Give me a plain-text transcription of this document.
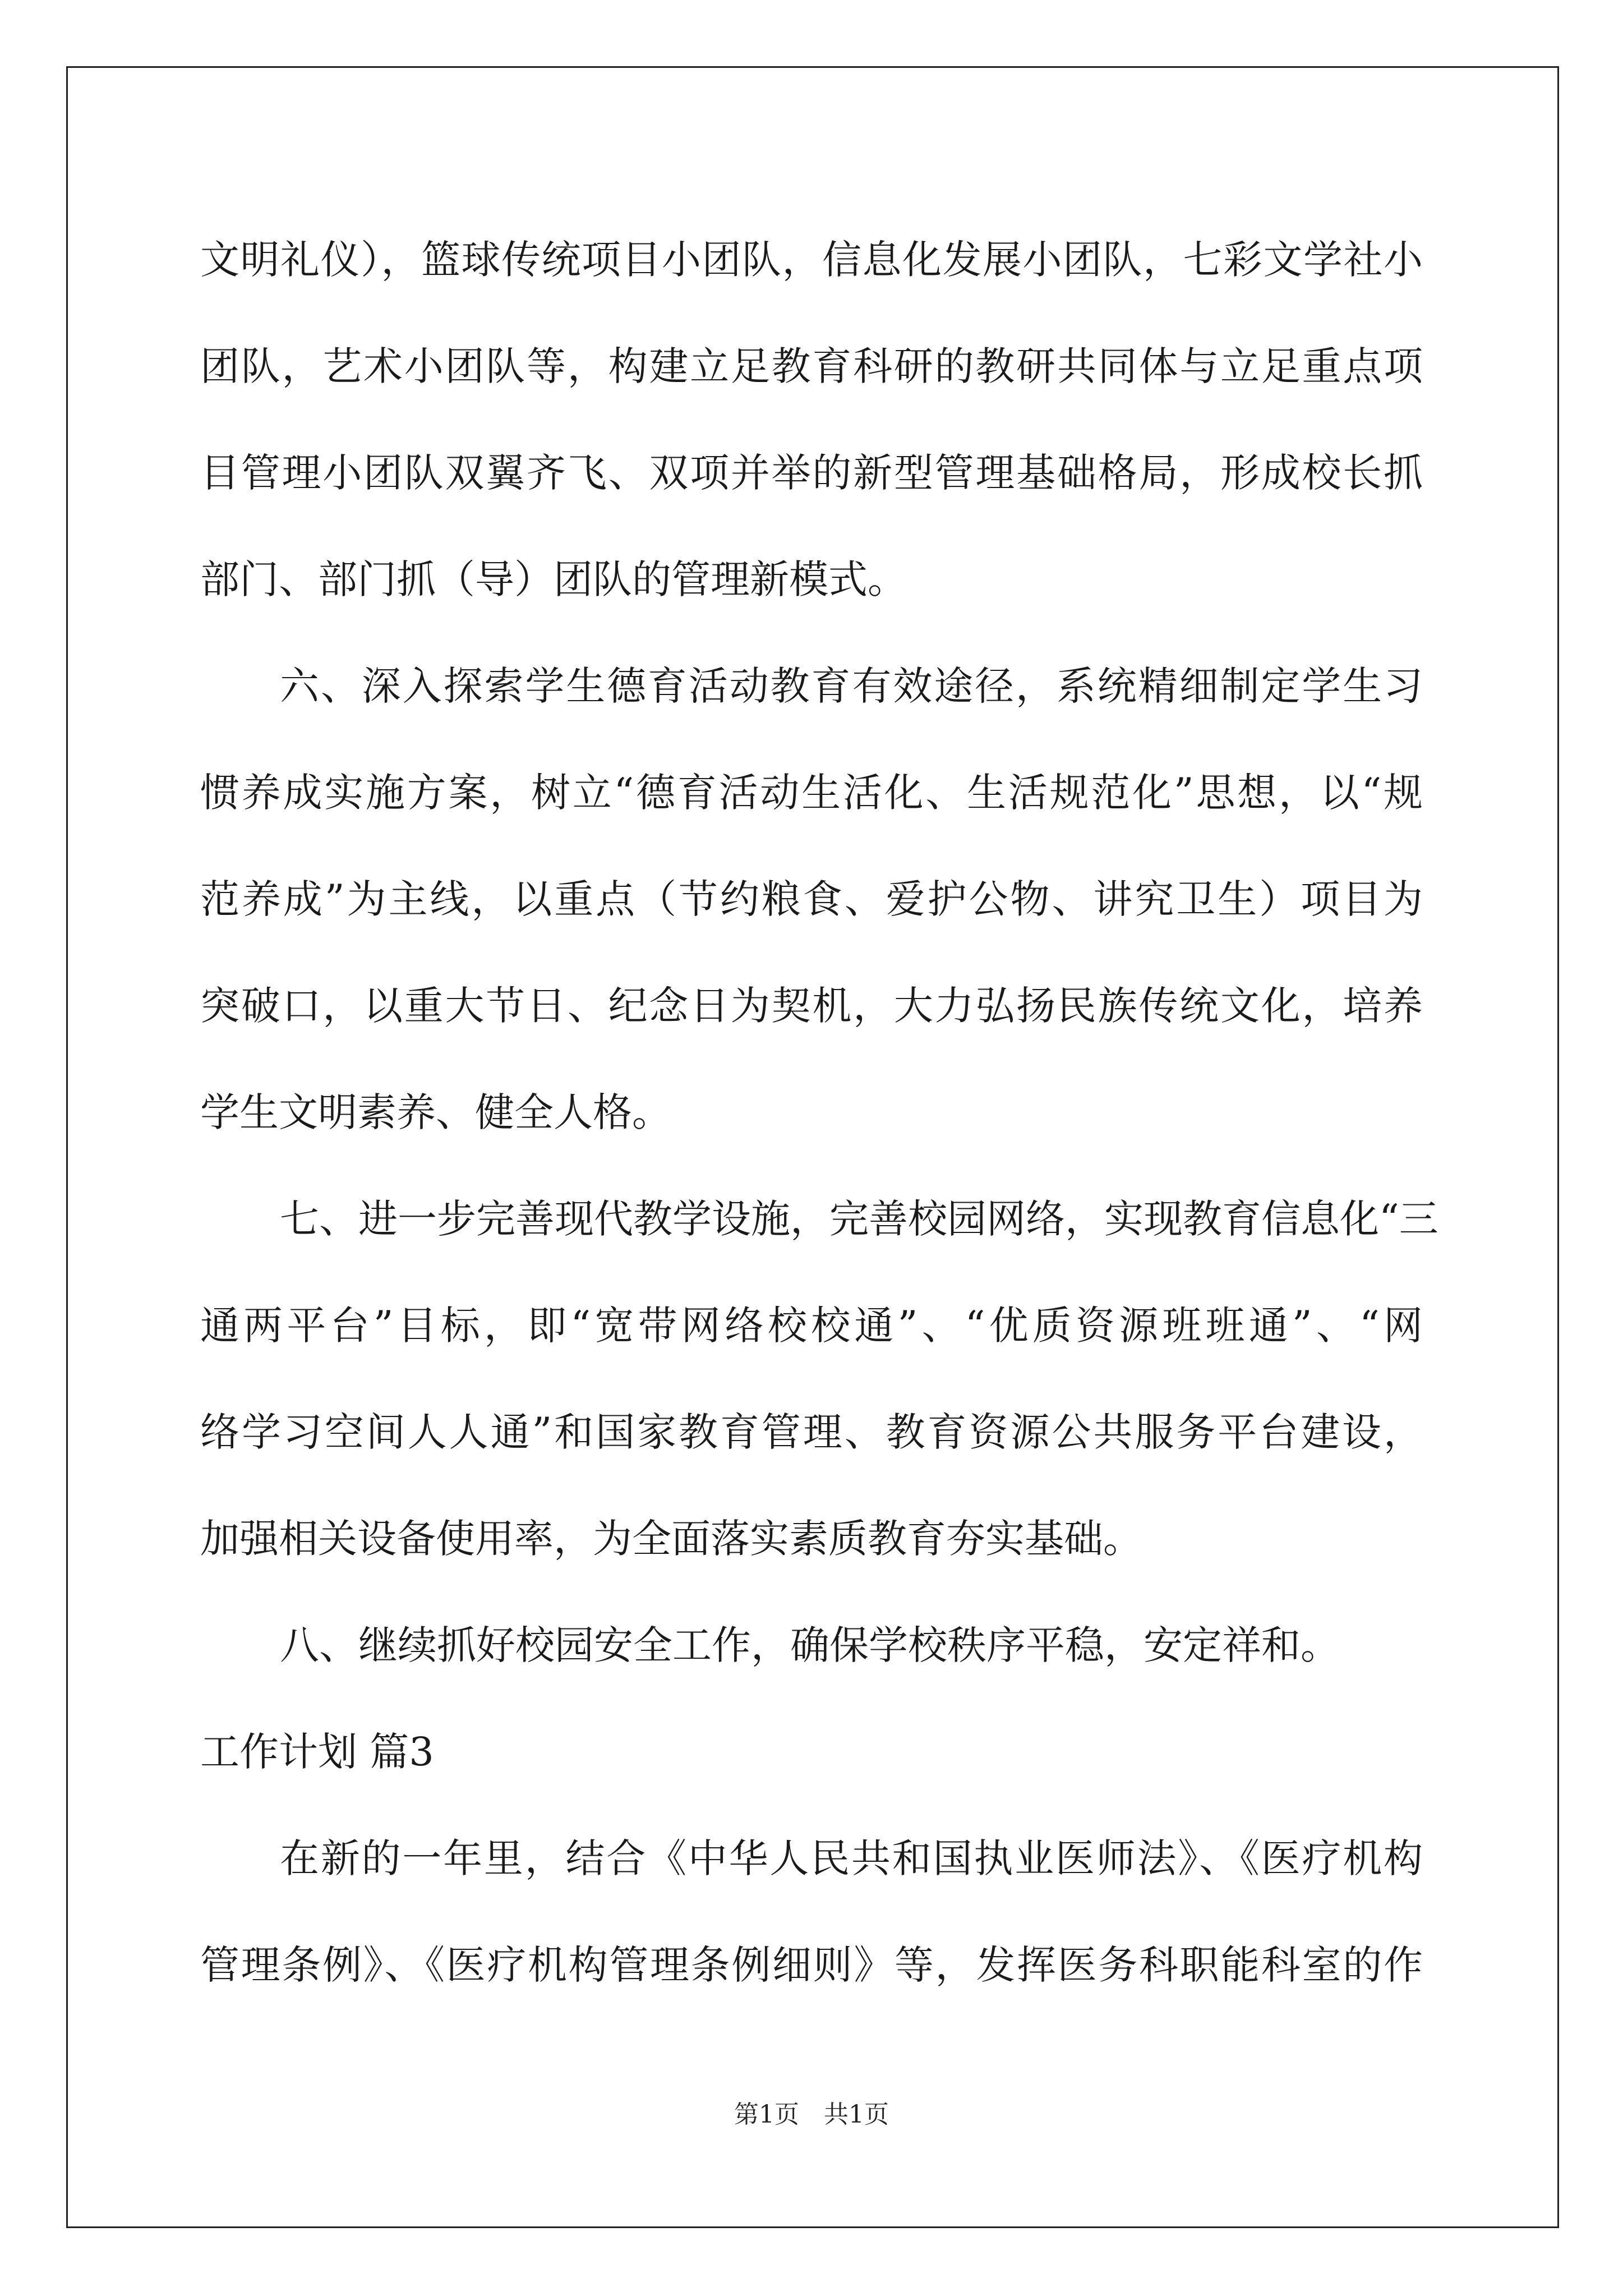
文明礼仪），篮球传统项目小团队，信息化发展小团队，七彩文学社小
团队，艺术小团队等，构建立足教育科研的教研共同体与立足重点项
目管理小团队双翼齐飞、双项并举的新型管理基础格局，形成校长抓
部门、部门抓（导）团队的管理新模式。
六、深入探索学生德育活动教育有效途径，系统精细制定学生习
惯养成实施方案，树立“德育活动生活化、生活规范化”思想，以“规
范养成”为主线，以重点（节约粮食、爱护公物、讲究卫生）项目为
突破口，以重大节日、纪念日为契机，大力弘扬民族传统文化，培养
学生文明素养、健全人格。
七、进一步完善现代教学设施，完善校园网络，实现教育信息化“三
通两平台”目标，即“宽带网络校校通”、“优质资源班班通”、“网
络学习空间人人通”和国家教育管理、教育资源公共服务平台建设，
加强相关设备使用率，为全面落实素质教育夯实基础。
八、继续抓好校园安全工作，确保学校秩序平稳，安定祥和。
工作计划 篇3
在新的一年里，结合《中华人民共和国执业医师法》、《医疗机构
管理条例》、《医疗机构管理条例细则》等，发挥医务科职能科室的作
第1页　共1页
